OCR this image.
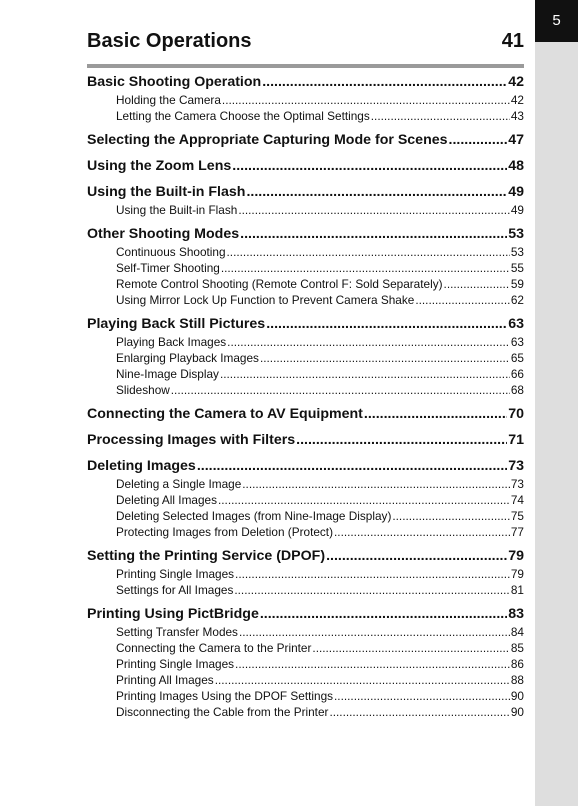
5
Basic Operations	41
Basic Shooting Operation .....	42
Holding the Camera .....	42
Letting the Camera Choose the Optimal Settings .....	43
Selecting the Appropriate Capturing Mode for Scenes .....	47
Using the Zoom Lens .....	48
Using the Built-in Flash .....	49
Using the Built-in Flash .....	49
Other Shooting Modes .....	53
Continuous Shooting .....	53
Self-Timer Shooting .....	55
Remote Control Shooting (Remote Control F: Sold Separately) .....	59
Using Mirror Lock Up Function to Prevent Camera Shake .....	62
Playing Back Still Pictures .....	63
Playing Back Images .....	63
Enlarging Playback Images .....	65
Nine-Image Display .....	66
Slideshow .....	68
Connecting the Camera to AV Equipment .....	70
Processing Images with Filters .....	71
Deleting Images .....	73
Deleting a Single Image .....	73
Deleting All Images .....	74
Deleting Selected Images (from Nine-Image Display) .....	75
Protecting Images from Deletion (Protect) .....	77
Setting the Printing Service (DPOF) .....	79
Printing Single Images .....	79
Settings for All Images .....	81
Printing Using PictBridge .....	83
Setting Transfer Modes .....	84
Connecting the Camera to the Printer .....	85
Printing Single Images .....	86
Printing All Images .....	88
Printing Images Using the DPOF Settings .....	90
Disconnecting the Cable from the Printer .....	90
